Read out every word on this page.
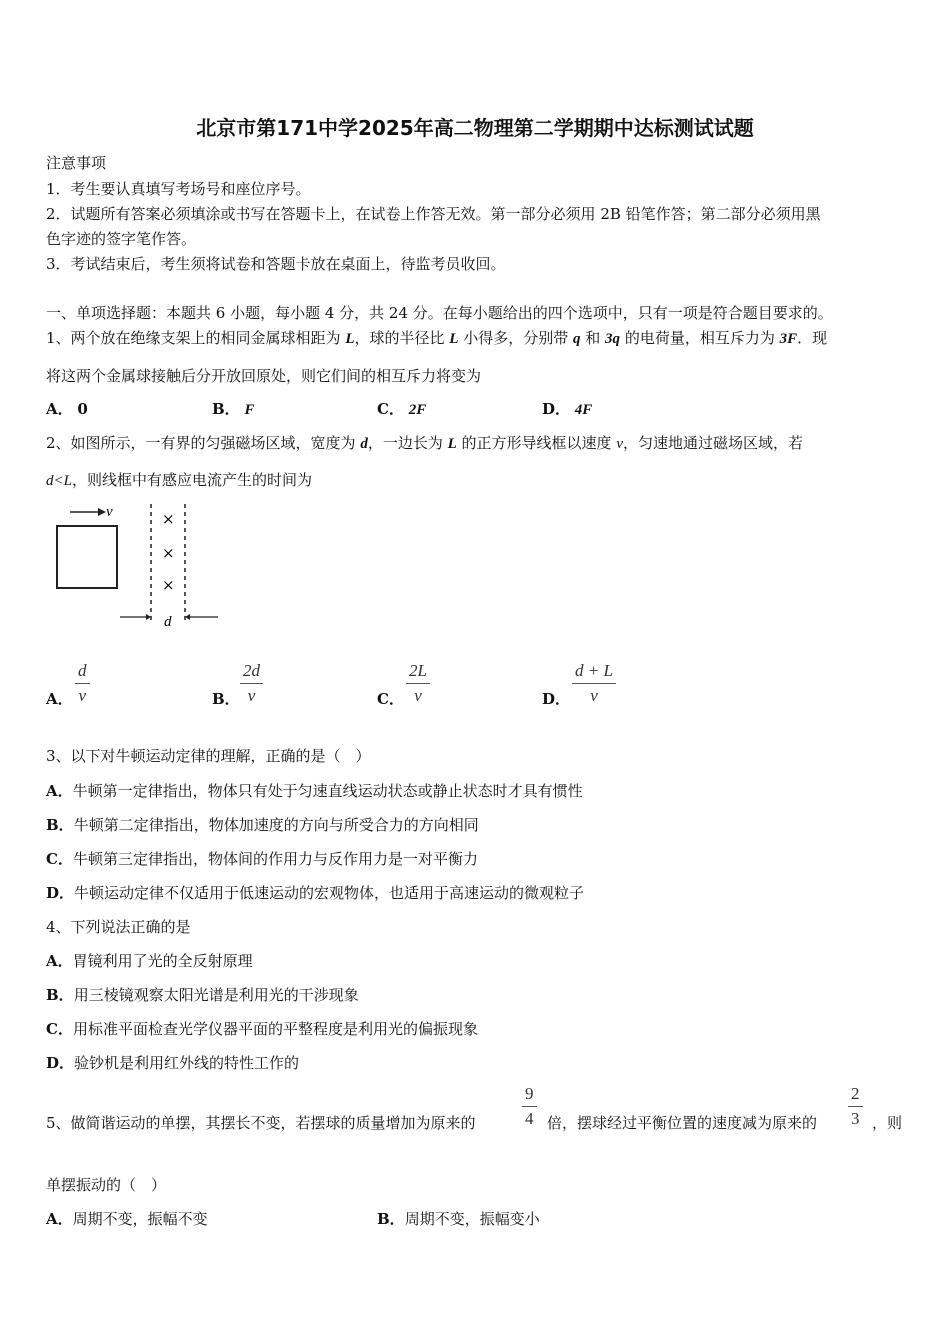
北京市第171中学2025年高二物理第二学期期中达标测试试题
注意事项
1．考生要认真填写考场号和座位序号。
2．试题所有答案必须填涂或书写在答题卡上，在试卷上作答无效。第一部分必须用 2B 铅笔作答；第二部分必须用黑
色字迹的签字笔作答。
3．考试结束后，考生须将试卷和答题卡放在桌面上，待监考员收回。
一、单项选择题：本题共 6 小题，每小题 4 分，共 24 分。在每小题给出的四个选项中，只有一项是符合题目要求的。
1、两个放在绝缘支架上的相同金属球相距为 L，球的半径比 L 小得多，分别带 q 和 3q 的电荷量，相互斥力为 3F．现
将这两个金属球接触后分开放回原处，则它们间的相互斥力将变为
A． 0	B． F	C． 2F	D． 4F
2、如图所示，一有界的匀强磁场区域，宽度为 d，一边长为 L 的正方形导线框以速度 v，匀速地通过磁场区域，若
d<L，则线框中有感应电流产生的时间为
v	×
×
×
d
A． $\frac{d}{v}$	B． $\frac{2d}{v}$	C． $\frac{2L}{v}$	D． $\frac{d + L}{v}$
3、以下对牛顿运动定律的理解，正确的是（　）
A．牛顿第一定律指出，物体只有处于匀速直线运动状态或静止状态时才具有惯性
B．牛顿第二定律指出，物体加速度的方向与所受合力的方向相同
C．牛顿第三定律指出，物体间的作用力与反作用力是一对平衡力
D．牛顿运动定律不仅适用于低速运动的宏观物体，也适用于高速运动的微观粒子
4、下列说法正确的是
A．胃镜利用了光的全反射原理
B．用三棱镜观察太阳光谱是利用光的干涉现象
C．用标准平面检查光学仪器平面的平整程度是利用光的偏振现象
D．验钞机是利用红外线的特性工作的
5、做简谐运动的单摆，其摆长不变，若摆球的质量增加为原来的	$\frac{9}{4}$ 倍，摆球经过平衡位置的速度减为原来的 $\frac{2}{3}$ ，则
单摆振动的（　）
A．周期不变，振幅不变	B．周期不变，振幅变小
